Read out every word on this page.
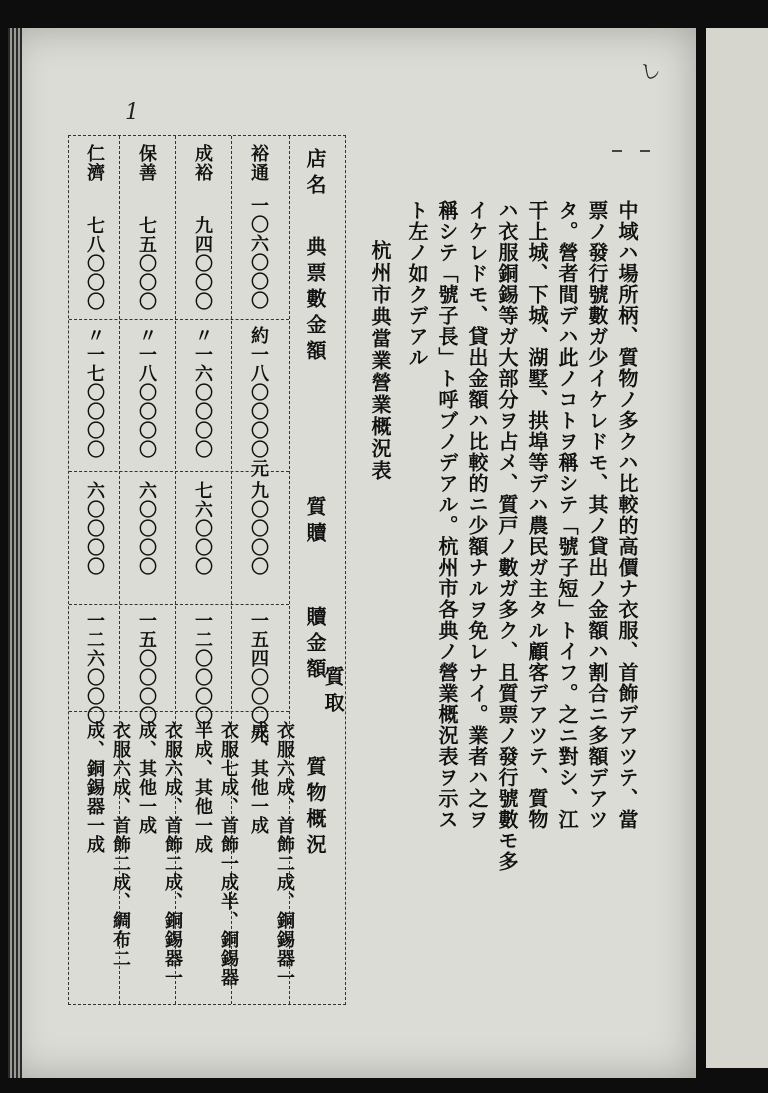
1
し
中域ハ場所柄、質物ノ多クハ比較的高價ナ衣服、首飾デアツテ、當
票ノ發行號數ガ少イケレドモ、其ノ貸出ノ金額ハ割合ニ多額デアツ
タ。營者間デハ此ノコトヲ稱シテ「號子短」トイフ。之ニ對シ、江
干上城、下城、湖墅、拱埠等デハ農民ガ主タル顧客デアツテ、質物
ハ衣服銅錫等ガ大部分ヲ占メ、質戸ノ數ガ多ク、且質票ノ發行號數モ多
イケレドモ、貸出金額ハ比較的ニ少額ナルヲ免レナイ。業者ハ之ヲ
稱シテ「號子長」ト呼ブノデアル。杭州市各典ノ營業概況表ヲ示ス
ト左ノ如クデアル
杭州市典當業營業概況表
店名
典票數金額
質贖
贖金額
質取
質物概況
裕通
一〇六〇〇〇
約一八〇〇〇〇元
九〇〇〇〇
一五四〇〇〇元
衣服六成、首飾二成、銅錫器一成、其他一成
成裕
九四〇〇〇
〃一六〇〇〇〇
七六〇〇〇
一二〇〇〇〇
衣服七成、首飾一成半、銅錫器半成、其他一成
保善
七五〇〇〇
〃一八〇〇〇〇
六〇〇〇〇
一五〇〇〇〇
衣服六成、首飾二成、銅錫器一成、其他一成
仁濟
七八〇〇〇
〃一七〇〇〇〇
六〇〇〇〇
一二六〇〇〇
衣服六成、首飾二成、綢布二成、銅錫器一成
